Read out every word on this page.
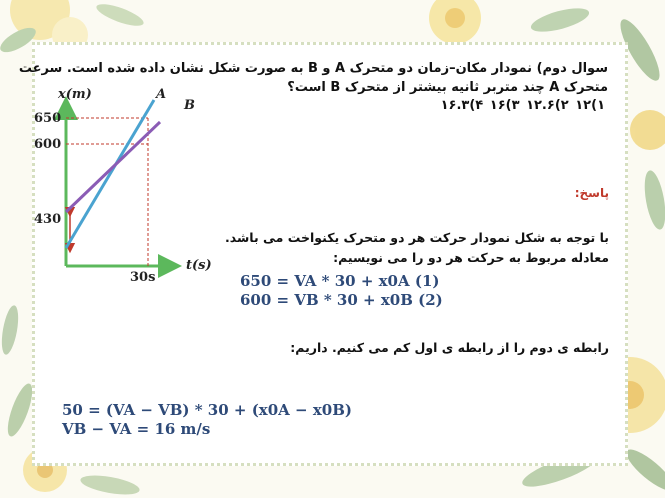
سوال دوم) نمودار مکان–زمان دو متحرک A و B به صورت شکل نشان داده شده است. سرعت
متحرک A چند متربر ثانیه بیشتر از متحرک B است؟
۱)۱۲ ۲)۱۲.۶ ۳)۱۶ ۴)۱۶.۳
x(m)
650
600
430
30s
t(s)
A
B
پاسخ:
با توجه به شکل نمودار حرکت هر دو متحرک یکنواخت می باشد.
معادله مربوط به حرکت هر دو را می نویسیم:
650 = VA * 30 + x0A (1)
600 = VB * 30 + x0B (2)
رابطه ی دوم را از رابطه ی اول کم می کنیم. داریم:
50 = (VA − VB) * 30 + (x0A − x0B)
VB − VA = 16 m/s
